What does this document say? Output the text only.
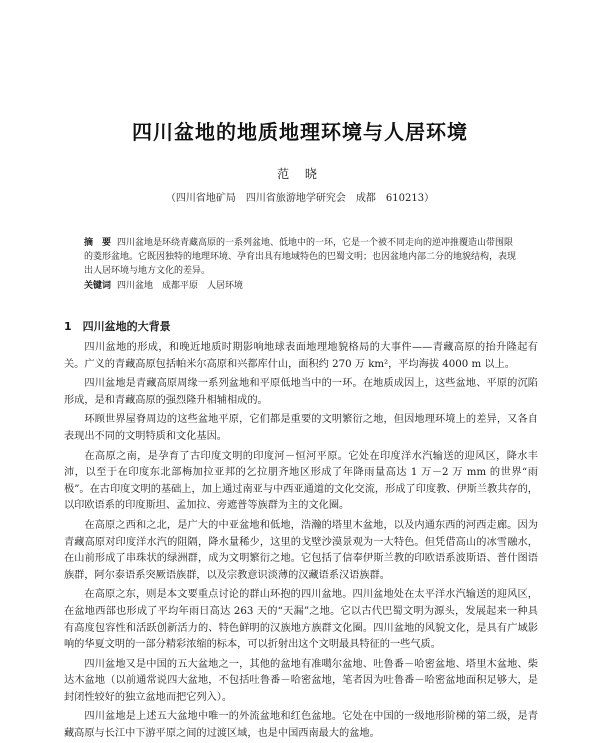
四川盆地的地质地理环境与人居环境
范 晓
（四川省地矿局　四川省旅游地学研究会　成都　610213）
摘　要 四川盆地是环绕青藏高原的一系列盆地、低地中的一环，它是一个被不同走向的逆冲推覆造山带围限的菱形盆地。它既因独特的地理环境、孕育出具有地域特色的巴蜀文明；也因盆地内部二分的地貌结构，表现出人居环境与地方文化的差异。
关键词 四川盆地　成都平原　人居环境
1　四川盆地的大背景

四川盆地的形成，和晚近地质时期影响地球表面地理地貌格局的大事件——青藏高原的抬升隆起有关。广义的青藏高原包括帕米尔高原和兴都库什山，面积约 270 万 km²，平均海拔 4000 m 以上。

四川盆地是青藏高原周缘一系列盆地和平原低地当中的一环。在地质成因上，这些盆地、平原的沉陷形成，是和青藏高原的强烈隆升相辅相成的。

环顾世界屋脊周边的这些盆地平原，它们都是重要的文明繁衍之地，但因地理环境上的差异，又各自表现出不同的文明特质和文化基因。

在高原之南，是孕育了古印度文明的印度河－恒河平原。它处在印度洋水汽输送的迎风区，降水丰沛，以至于在印度东北部梅加拉亚邦的乞拉朋齐地区形成了年降雨量高达 1 万－2 万 mm 的世界“雨极”。在古印度文明的基础上，加上通过南亚与中西亚通道的文化交流，形成了印度教、伊斯兰教共存的，以印欧语系的印度斯坦、孟加拉、旁遮普等族群为主的文化圈。

在高原之西和之北，是广大的中亚盆地和低地，浩瀚的塔里木盆地，以及内通东西的河西走廊。因为青藏高原对印度洋水汽的阻隔，降水量稀少，这里的戈壁沙漠景观为一大特色。但凭借高山的冰雪融水，在山前形成了串珠状的绿洲群，成为文明繁衍之地。它包括了信奉伊斯兰教的印欧语系波斯语、普什图语族群，阿尔泰语系突厥语族群，以及宗教意识淡薄的汉藏语系汉语族群。

在高原之东，则是本文要重点讨论的群山环抱的四川盆地。四川盆地处在太平洋水汽输送的迎风区，在盆地西部也形成了平均年雨日高达 263 天的“天漏”之地。它以古代巴蜀文明为源头，发展起来一种具有高度包容性和活跃创新活力的、特色鲜明的汉族地方族群文化圈。四川盆地的风貌文化，是具有广域影响的华夏文明的一部分精彩浓缩的标本，可以折射出这个文明最具特征的一些气质。

四川盆地又是中国的五大盆地之一，其他的盆地有准噶尔盆地、吐鲁番－哈密盆地、塔里木盆地、柴达木盆地（以前通常说四大盆地，不包括吐鲁番－哈密盆地，笔者因为吐鲁番－哈密盆地面积足够大，是封闭性较好的独立盆地而把它列入）。

四川盆地是上述五大盆地中唯一的外流盆地和红色盆地。它处在中国的一级地形阶梯的第二级，是青藏高原与长江中下游平原之间的过渡区域，也是中国西南最大的盆地。
